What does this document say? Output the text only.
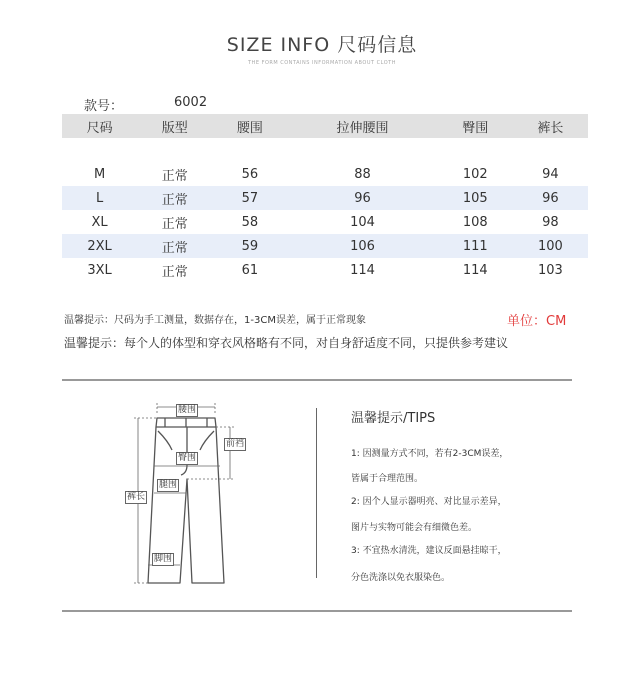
SIZE INFO 尺码信息
THE FORM CONTAINS INFORMATION ABOUT CLOTH
款号：	6002
尺码	版型	腰围	拉伸腰围	臀围	裤长

M	正常	56	88	102	94
L	正常	57	96	105	96
XL	正常	58	104	108	98
2XL	正常	59	106	111	100
3XL	正常	61	114	114	103
温馨提示：尺码为手工测量，数据存在，1-3CM误差，属于正常现象	单位：CM
温馨提示：每个人的体型和穿衣风格略有不同，对自身舒适度不同，只提供参考建议
腰围
前裆
臀围
腿围
裤长
脚围
温馨提示/TIPS
1: 因测量方式不同，若有2-3CM误差，
皆属于合理范围。
2: 因个人显示器明亮、对比显示差异，
图片与实物可能会有细微色差。
3: 不宜热水清洗，建议反面悬挂晾干，
分色洗涤以免衣服染色。
